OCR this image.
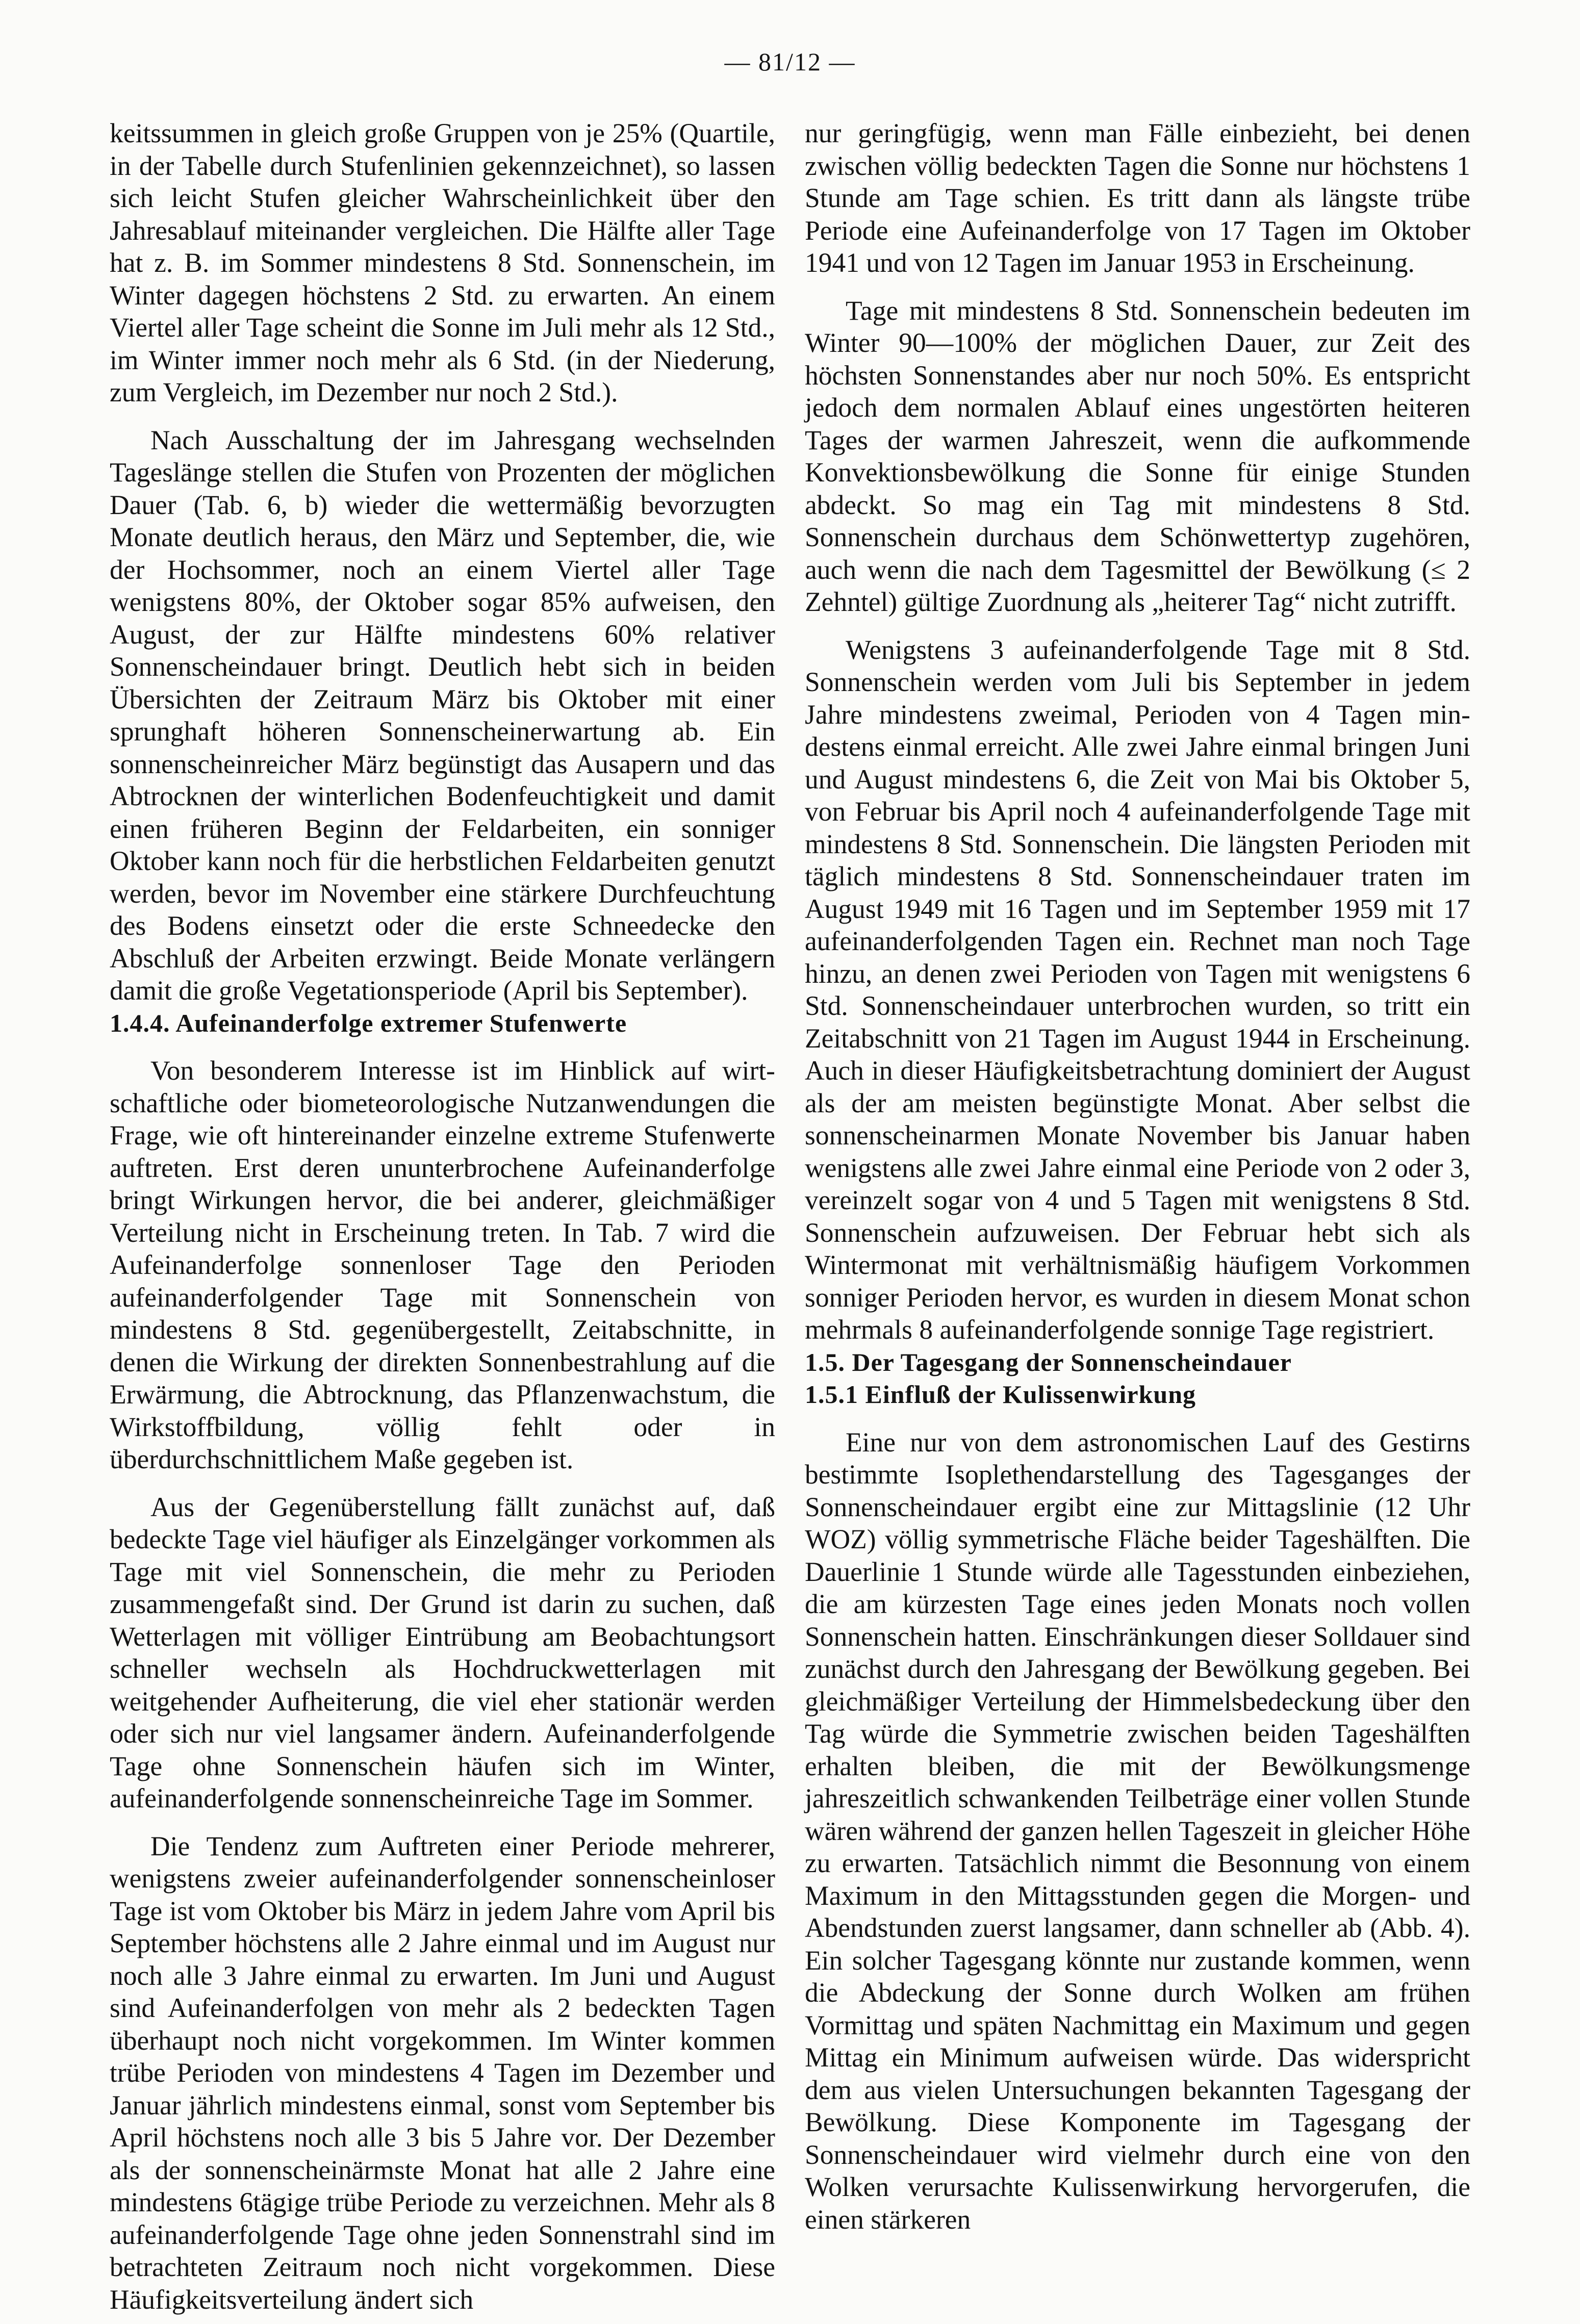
— 81/12 —

keitssummen in gleich große Gruppen von je 25% (Quartile, in der Tabelle durch Stufenlinien gekennzeichnet), so lassen sich leicht Stufen gleicher Wahrscheinlichkeit über den Jahresablauf miteinander vergleichen. Die Hälfte aller Tage hat z. B. im Sommer mindestens 8 Std. Sonnenschein, im Winter dagegen höchstens 2 Std. zu erwarten. An einem Viertel aller Tage scheint die Sonne im Juli mehr als 12 Std., im Winter immer noch mehr als 6 Std. (in der Niederung, zum Vergleich, im Dezember nur noch 2 Std.).

Nach Ausschaltung der im Jahresgang wechselnden Tageslänge stellen die Stufen von Prozenten der möglichen Dauer (Tab. 6, b) wieder die wettermäßig bevorzugten Monate deutlich heraus, den März und September, die, wie der Hochsommer, noch an einem Viertel aller Tage wenigstens 80%, der Oktober sogar 85% aufweisen, den August, der zur Hälfte mindestens 60% relativer Sonnenscheindauer bringt. Deutlich hebt sich in beiden Übersichten der Zeitraum März bis Oktober mit einer sprunghaft höheren Sonnenscheinerwartung ab. Ein sonnenscheinreicher März begünstigt das Ausapern und das Abtrocknen der winterlichen Bodenfeuchtigkeit und damit einen früheren Beginn der Feldarbeiten, ein sonniger Oktober kann noch für die herbstlichen Feldarbeiten genutzt werden, bevor im November eine stärkere Durchfeuchtung des Bodens einsetzt oder die erste Schneedecke den Abschluß der Arbeiten erzwingt. Beide Monate verlängern damit die große Vegetationsperiode (April bis September).

1.4.4. Aufeinanderfolge extremer Stufenwerte

Von besonderem Interesse ist im Hinblick auf wirtschaftliche oder biometeorologische Nutzanwendungen die Frage, wie oft hintereinander einzelne extreme Stufenwerte auftreten. Erst deren ununterbrochene Aufeinanderfolge bringt Wirkungen hervor, die bei anderer, gleichmäßiger Verteilung nicht in Erscheinung treten. In Tab. 7 wird die Aufeinanderfolge sonnenloser Tage den Perioden aufeinanderfolgender Tage mit Sonnenschein von mindestens 8 Std. gegenübergestellt, Zeitabschnitte, in denen die Wirkung der direkten Sonnenbestrahlung auf die Erwärmung, die Abtrocknung, das Pflanzenwachstum, die Wirkstoffbildung, völlig fehlt oder in überdurchschnittlichem Maße gegeben ist.

Aus der Gegenüberstellung fällt zunächst auf, daß bedeckte Tage viel häufiger als Einzelgänger vorkommen als Tage mit viel Sonnenschein, die mehr zu Perioden zusammengefaßt sind. Der Grund ist darin zu suchen, daß Wetterlagen mit völliger Eintrübung am Beobachtungsort schneller wechseln als Hochdruckwetterlagen mit weitgehender Aufheiterung, die viel eher stationär werden oder sich nur viel langsamer ändern. Aufeinanderfolgende Tage ohne Sonnenschein häufen sich im Winter, aufeinanderfolgende sonnenscheinreiche Tage im Sommer.

Die Tendenz zum Auftreten einer Periode mehrerer, wenigstens zweier aufeinanderfolgender sonnenscheinloser Tage ist vom Oktober bis März in jedem Jahre vom April bis September höchstens alle 2 Jahre einmal und im August nur noch alle 3 Jahre einmal zu erwarten. Im Juni und August sind Aufeinanderfolgen von mehr als 2 bedeckten Tagen überhaupt noch nicht vorgekommen. Im Winter kommen trübe Perioden von mindestens 4 Tagen im Dezember und Januar jährlich mindestens einmal, sonst vom September bis April höchstens noch alle 3 bis 5 Jahre vor. Der Dezember als der sonnenscheinärmste Monat hat alle 2 Jahre eine mindestens 6tägige trübe Periode zu verzeichnen. Mehr als 8 aufeinanderfolgende Tage ohne jeden Sonnenstrahl sind im betrachteten Zeitraum noch nicht vorgekommen. Diese Häufigkeitsverteilung ändert sich

nur geringfügig, wenn man Fälle einbezieht, bei denen zwischen völlig bedeckten Tagen die Sonne nur höchstens 1 Stunde am Tage schien. Es tritt dann als längste trübe Periode eine Aufeinanderfolge von 17 Tagen im Oktober 1941 und von 12 Tagen im Januar 1953 in Erscheinung.

Tage mit mindestens 8 Std. Sonnenschein bedeuten im Winter 90—100% der möglichen Dauer, zur Zeit des höchsten Sonnenstandes aber nur noch 50%. Es entspricht jedoch dem normalen Ablauf eines ungestörten heiteren Tages der warmen Jahreszeit, wenn die aufkommende Konvektionsbewölkung die Sonne für einige Stunden abdeckt. So mag ein Tag mit mindestens 8 Std. Sonnenschein durchaus dem Schönwettertyp zugehören, auch wenn die nach dem Tagesmittel der Bewölkung (≤ 2 Zehntel) gültige Zuordnung als „heiterer Tag“ nicht zutrifft.

Wenigstens 3 aufeinanderfolgende Tage mit 8 Std. Sonnenschein werden vom Juli bis September in jedem Jahre mindestens zweimal, Perioden von 4 Tagen mindestens einmal erreicht. Alle zwei Jahre einmal bringen Juni und August mindestens 6, die Zeit von Mai bis Oktober 5, von Februar bis April noch 4 aufeinanderfolgende Tage mit mindestens 8 Std. Sonnenschein. Die längsten Perioden mit täglich mindestens 8 Std. Sonnenscheindauer traten im August 1949 mit 16 Tagen und im September 1959 mit 17 aufeinanderfolgenden Tagen ein. Rechnet man noch Tage hinzu, an denen zwei Perioden von Tagen mit wenigstens 6 Std. Sonnenscheindauer unterbrochen wurden, so tritt ein Zeitabschnitt von 21 Tagen im August 1944 in Erscheinung. Auch in dieser Häufigkeitsbetrachtung dominiert der August als der am meisten begünstigte Monat. Aber selbst die sonnenscheinarmen Monate November bis Januar haben wenigstens alle zwei Jahre einmal eine Periode von 2 oder 3, vereinzelt sogar von 4 und 5 Tagen mit wenigstens 8 Std. Sonnenschein aufzuweisen. Der Februar hebt sich als Wintermonat mit verhältnismäßig häufigem Vorkommen sonniger Perioden hervor, es wurden in diesem Monat schon mehrmals 8 aufeinanderfolgende sonnige Tage registriert.

1.5. Der Tagesgang der Sonnenscheindauer

1.5.1 Einfluß der Kulissenwirkung

Eine nur von dem astronomischen Lauf des Gestirns bestimmte Isoplethendarstellung des Tagesganges der Sonnenscheindauer ergibt eine zur Mittagslinie (12 Uhr WOZ) völlig symmetrische Fläche beider Tageshälften. Die Dauerlinie 1 Stunde würde alle Tagesstunden einbeziehen, die am kürzesten Tage eines jeden Monats noch vollen Sonnenschein hatten. Einschränkungen dieser Solldauer sind zunächst durch den Jahresgang der Bewölkung gegeben. Bei gleichmäßiger Verteilung der Himmelsbedeckung über den Tag würde die Symmetrie zwischen beiden Tageshälften erhalten bleiben, die mit der Bewölkungsmenge jahreszeitlich schwankenden Teilbeträge einer vollen Stunde wären während der ganzen hellen Tageszeit in gleicher Höhe zu erwarten. Tatsächlich nimmt die Besonnung von einem Maximum in den Mittagsstunden gegen die Morgen- und Abendstunden zuerst langsamer, dann schneller ab (Abb. 4). Ein solcher Tagesgang könnte nur zustande kommen, wenn die Abdeckung der Sonne durch Wolken am frühen Vormittag und späten Nachmittag ein Maximum und gegen Mittag ein Minimum aufweisen würde. Das widerspricht dem aus vielen Untersuchungen bekannten Tagesgang der Bewölkung. Diese Komponente im Tagesgang der Sonnenscheindauer wird vielmehr durch eine von den Wolken verursachte Kulissenwirkung hervorgerufen, die einen stärkeren
